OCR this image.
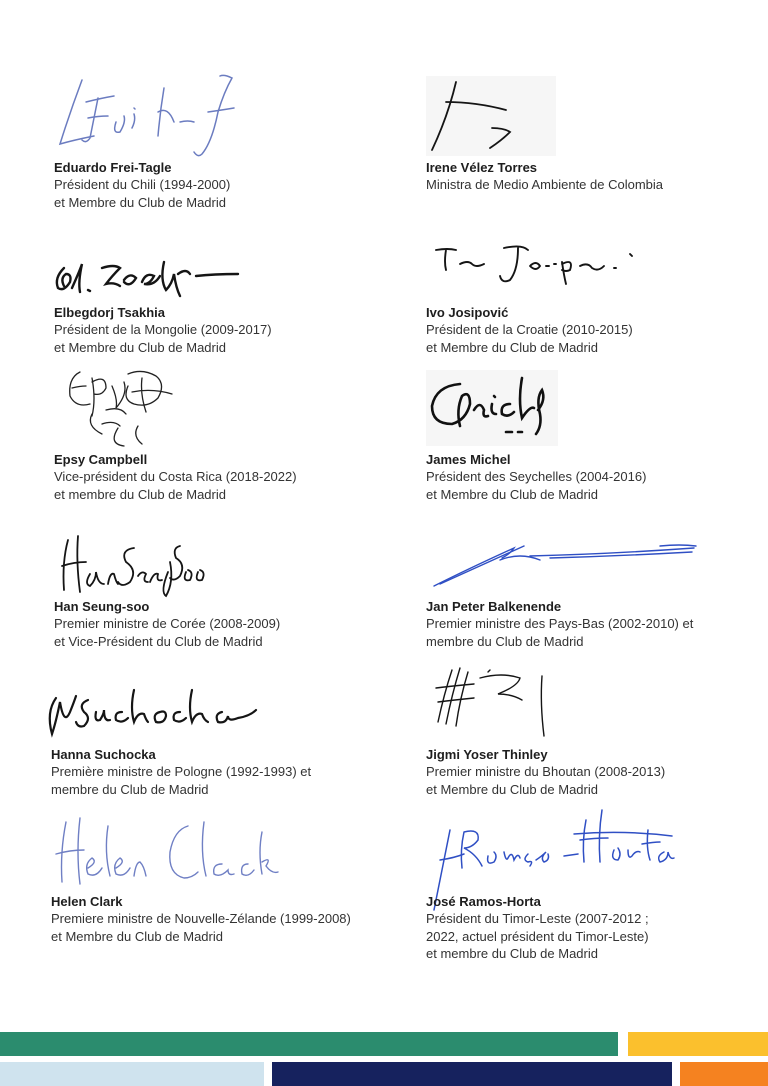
Eduardo Frei-Tagle
Président du Chili (1994-2000)
et Membre du Club de Madrid
Elbegdorj Tsakhia
Président de la Mongolie (2009-2017)
et Membre du Club de Madrid
Epsy Campbell
Vice-président du Costa Rica (2018-2022)
et membre du Club de Madrid
Han Seung-soo
Premier ministre de Corée (2008-2009)
et Vice-Président du Club de Madrid
Hanna Suchocka
Première ministre de Pologne (1992-1993) et
membre du Club de Madrid
Helen Clark
Premiere ministre de Nouvelle-Zélande (1999-2008)
et Membre du Club de Madrid
Irene Vélez Torres
Ministra de Medio Ambiente de Colombia
Ivo Josipović
Président de la Croatie (2010-2015)
et Membre du Club de Madrid
James Michel
Président des Seychelles (2004-2016)
et Membre du Club de Madrid
Jan Peter Balkenende
Premier ministre des Pays-Bas (2002-2010) et
membre du Club de Madrid
Jigmi Yoser Thinley
Premier ministre du Bhoutan (2008-2013)
et Membre du Club de Madrid
José Ramos-Horta
Président du Timor-Leste (2007-2012 ;
2022, actuel président du Timor-Leste)
et membre du Club de Madrid
